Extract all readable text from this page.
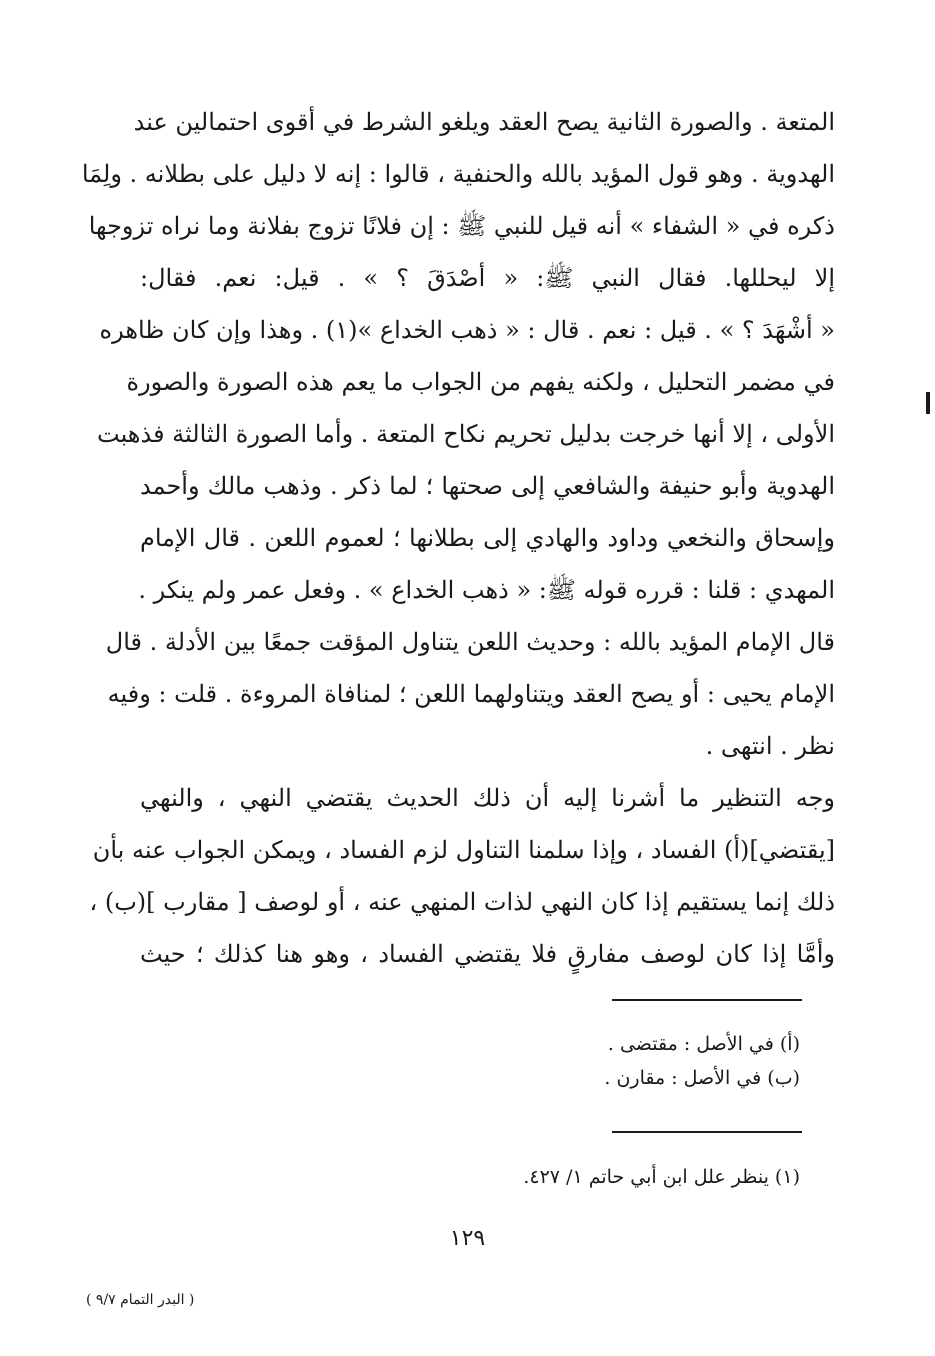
المتعة . والصورة الثانية يصح العقد ويلغو الشرط في أقوى احتمالين عند
الهدوية . وهو قول المؤيد بالله والحنفية ، قالوا : إنه لا دليل على بطلانه . ولِمَا
ذكره في « الشفاء » أنه قيل للنبي ﷺ : إن فلانًا تزوج بفلانة وما نراه تزوجها
إلا ليحللها. فقال النبي ﷺ: « أصْدَقَ ؟ » . قيل: نعم. فقال:
« أشْهَدَ ؟ » . قيل : نعم . قال : « ذهب الخداع »(١) . وهذا وإن كان ظاهره
في مضمر التحليل ، ولكنه يفهم من الجواب ما يعم هذه الصورة والصورة
الأولى ، إلا أنها خرجت بدليل تحريم نكاح المتعة . وأما الصورة الثالثة فذهبت
الهدوية وأبو حنيفة والشافعي إلى صحتها ؛ لما ذكر . وذهب مالك وأحمد
وإسحاق والنخعي وداود والهادي إلى بطلانها ؛ لعموم اللعن . قال الإمام
المهدي : قلنا : قرره قوله ﷺ: « ذهب الخداع » . وفعل عمر ولم ينكر .
قال الإمام المؤيد بالله : وحديث اللعن يتناول المؤقت جمعًا بين الأدلة . قال
الإمام يحيى : أو يصح العقد ويتناولهما اللعن ؛ لمنافاة المروءة . قلت : وفيه
نظر . انتهى .
وجه التنظير ما أشرنا إليه أن ذلك الحديث يقتضي النهي ، والنهي
[يقتضي](أ) الفساد ، وإذا سلمنا التناول لزم الفساد ، ويمكن الجواب عنه بأن
ذلك إنما يستقيم إذا كان النهي لذات المنهي عنه ، أو لوصف [ مقارب ](ب) ،
وأمَّا إذا كان لوصف مفارقٍ فلا يقتضي الفساد ، وهو هنا كذلك ؛ حيث
(أ) في الأصل : مقتضى .
(ب) في الأصل : مقارن .
(١) ينظر علل ابن أبي حاتم ١/ ٤٢٧.
١٢٩
( البدر التمام ٩/٧ )
